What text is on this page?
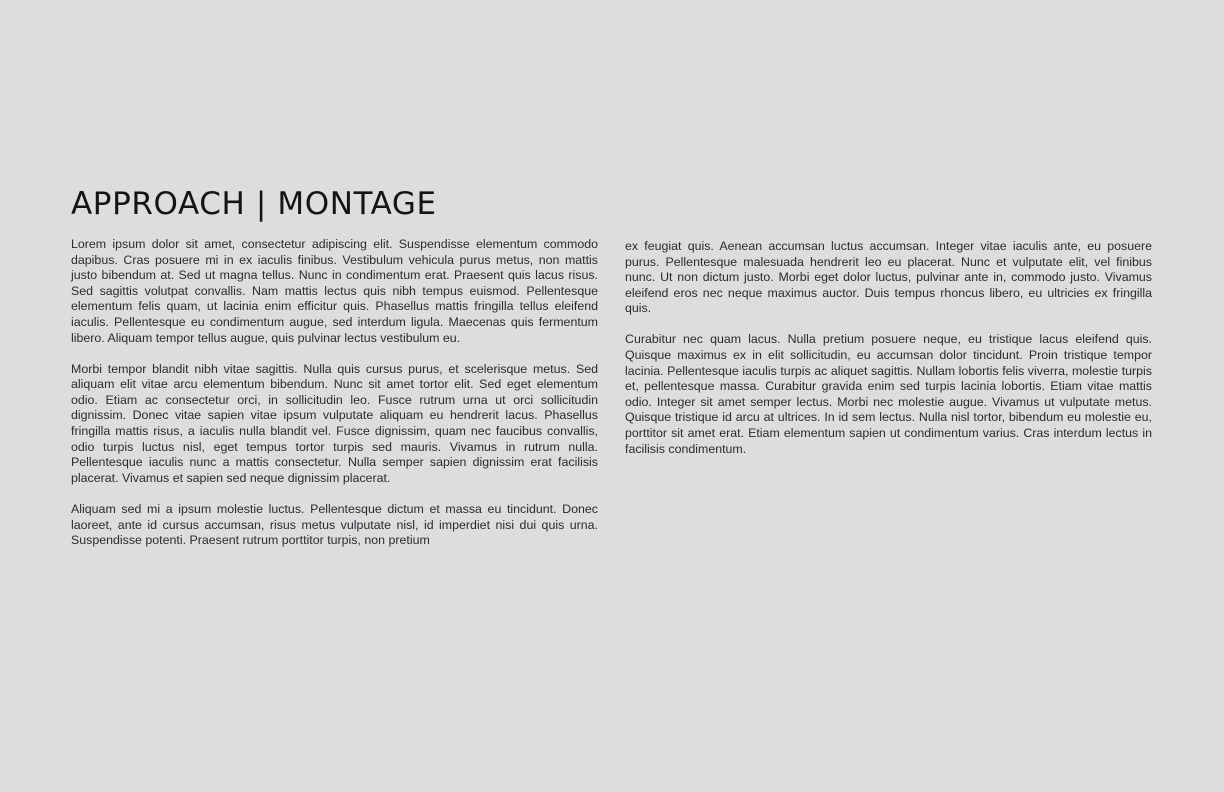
APPROACH | MONTAGE

Lorem ipsum dolor sit amet, consectetur adipiscing elit. Suspendisse elementum commodo dapibus. Cras posuere mi in ex iaculis finibus. Vestibulum vehicula purus metus, non mattis justo bibendum at. Sed ut magna tellus. Nunc in condimentum erat. Praesent quis lacus risus. Sed sagittis volutpat convallis. Nam mattis lectus quis nibh tempus euismod. Pellentesque elementum felis quam, ut lacinia enim efficitur quis. Phasellus mattis fringilla tellus eleifend iaculis. Pellentesque eu condimentum augue, sed interdum ligula. Maecenas quis fermentum libero. Aliquam tempor tellus augue, quis pulvinar lectus vestibulum eu.

Morbi tempor blandit nibh vitae sagittis. Nulla quis cursus purus, et scelerisque metus. Sed aliquam elit vitae arcu elementum bibendum. Nunc sit amet tortor elit. Sed eget elementum odio. Etiam ac consectetur orci, in sollicitudin leo. Fusce rutrum urna ut orci sollicitudin dignissim. Donec vitae sapien vitae ipsum vulputate aliquam eu hendrerit lacus. Phasellus fringilla mattis risus, a iaculis nulla blandit vel. Fusce dignissim, quam nec faucibus convallis, odio turpis luctus nisl, eget tempus tortor turpis sed mauris. Vivamus in rutrum nulla. Pellentesque iaculis nunc a mattis consectetur. Nulla semper sapien dignissim erat facilisis placerat. Vivamus et sapien sed neque dignissim placerat.

Aliquam sed mi a ipsum molestie luctus. Pellentesque dictum et massa eu tincidunt. Donec laoreet, ante id cursus accumsan, risus metus vulputate nisl, id imperdiet nisi dui quis urna. Suspendisse potenti. Praesent rutrum porttitor turpis, non pretium

ex feugiat quis. Aenean accumsan luctus accumsan. Integer vitae iaculis ante, eu posuere purus. Pellentesque malesuada hendrerit leo eu placerat. Nunc et vulputate elit, vel finibus nunc. Ut non dictum justo. Morbi eget dolor luctus, pulvinar ante in, commodo justo. Vivamus eleifend eros nec neque maximus auctor. Duis tempus rhoncus libero, eu ultricies ex fringilla quis.

Curabitur nec quam lacus. Nulla pretium posuere neque, eu tristique lacus eleifend quis. Quisque maximus ex in elit sollicitudin, eu accumsan dolor tincidunt. Proin tristique tempor lacinia. Pellentesque iaculis turpis ac aliquet sagittis. Nullam lobortis felis viverra, molestie turpis et, pellentesque massa. Curabitur gravida enim sed turpis lacinia lobortis. Etiam vitae mattis odio. Integer sit amet semper lectus. Morbi nec molestie augue. Vivamus ut vulputate metus. Quisque tristique id arcu at ultrices. In id sem lectus. Nulla nisl tortor, bibendum eu molestie eu, porttitor sit amet erat. Etiam elementum sapien ut condimentum varius. Cras interdum lectus in facilisis condimentum.
